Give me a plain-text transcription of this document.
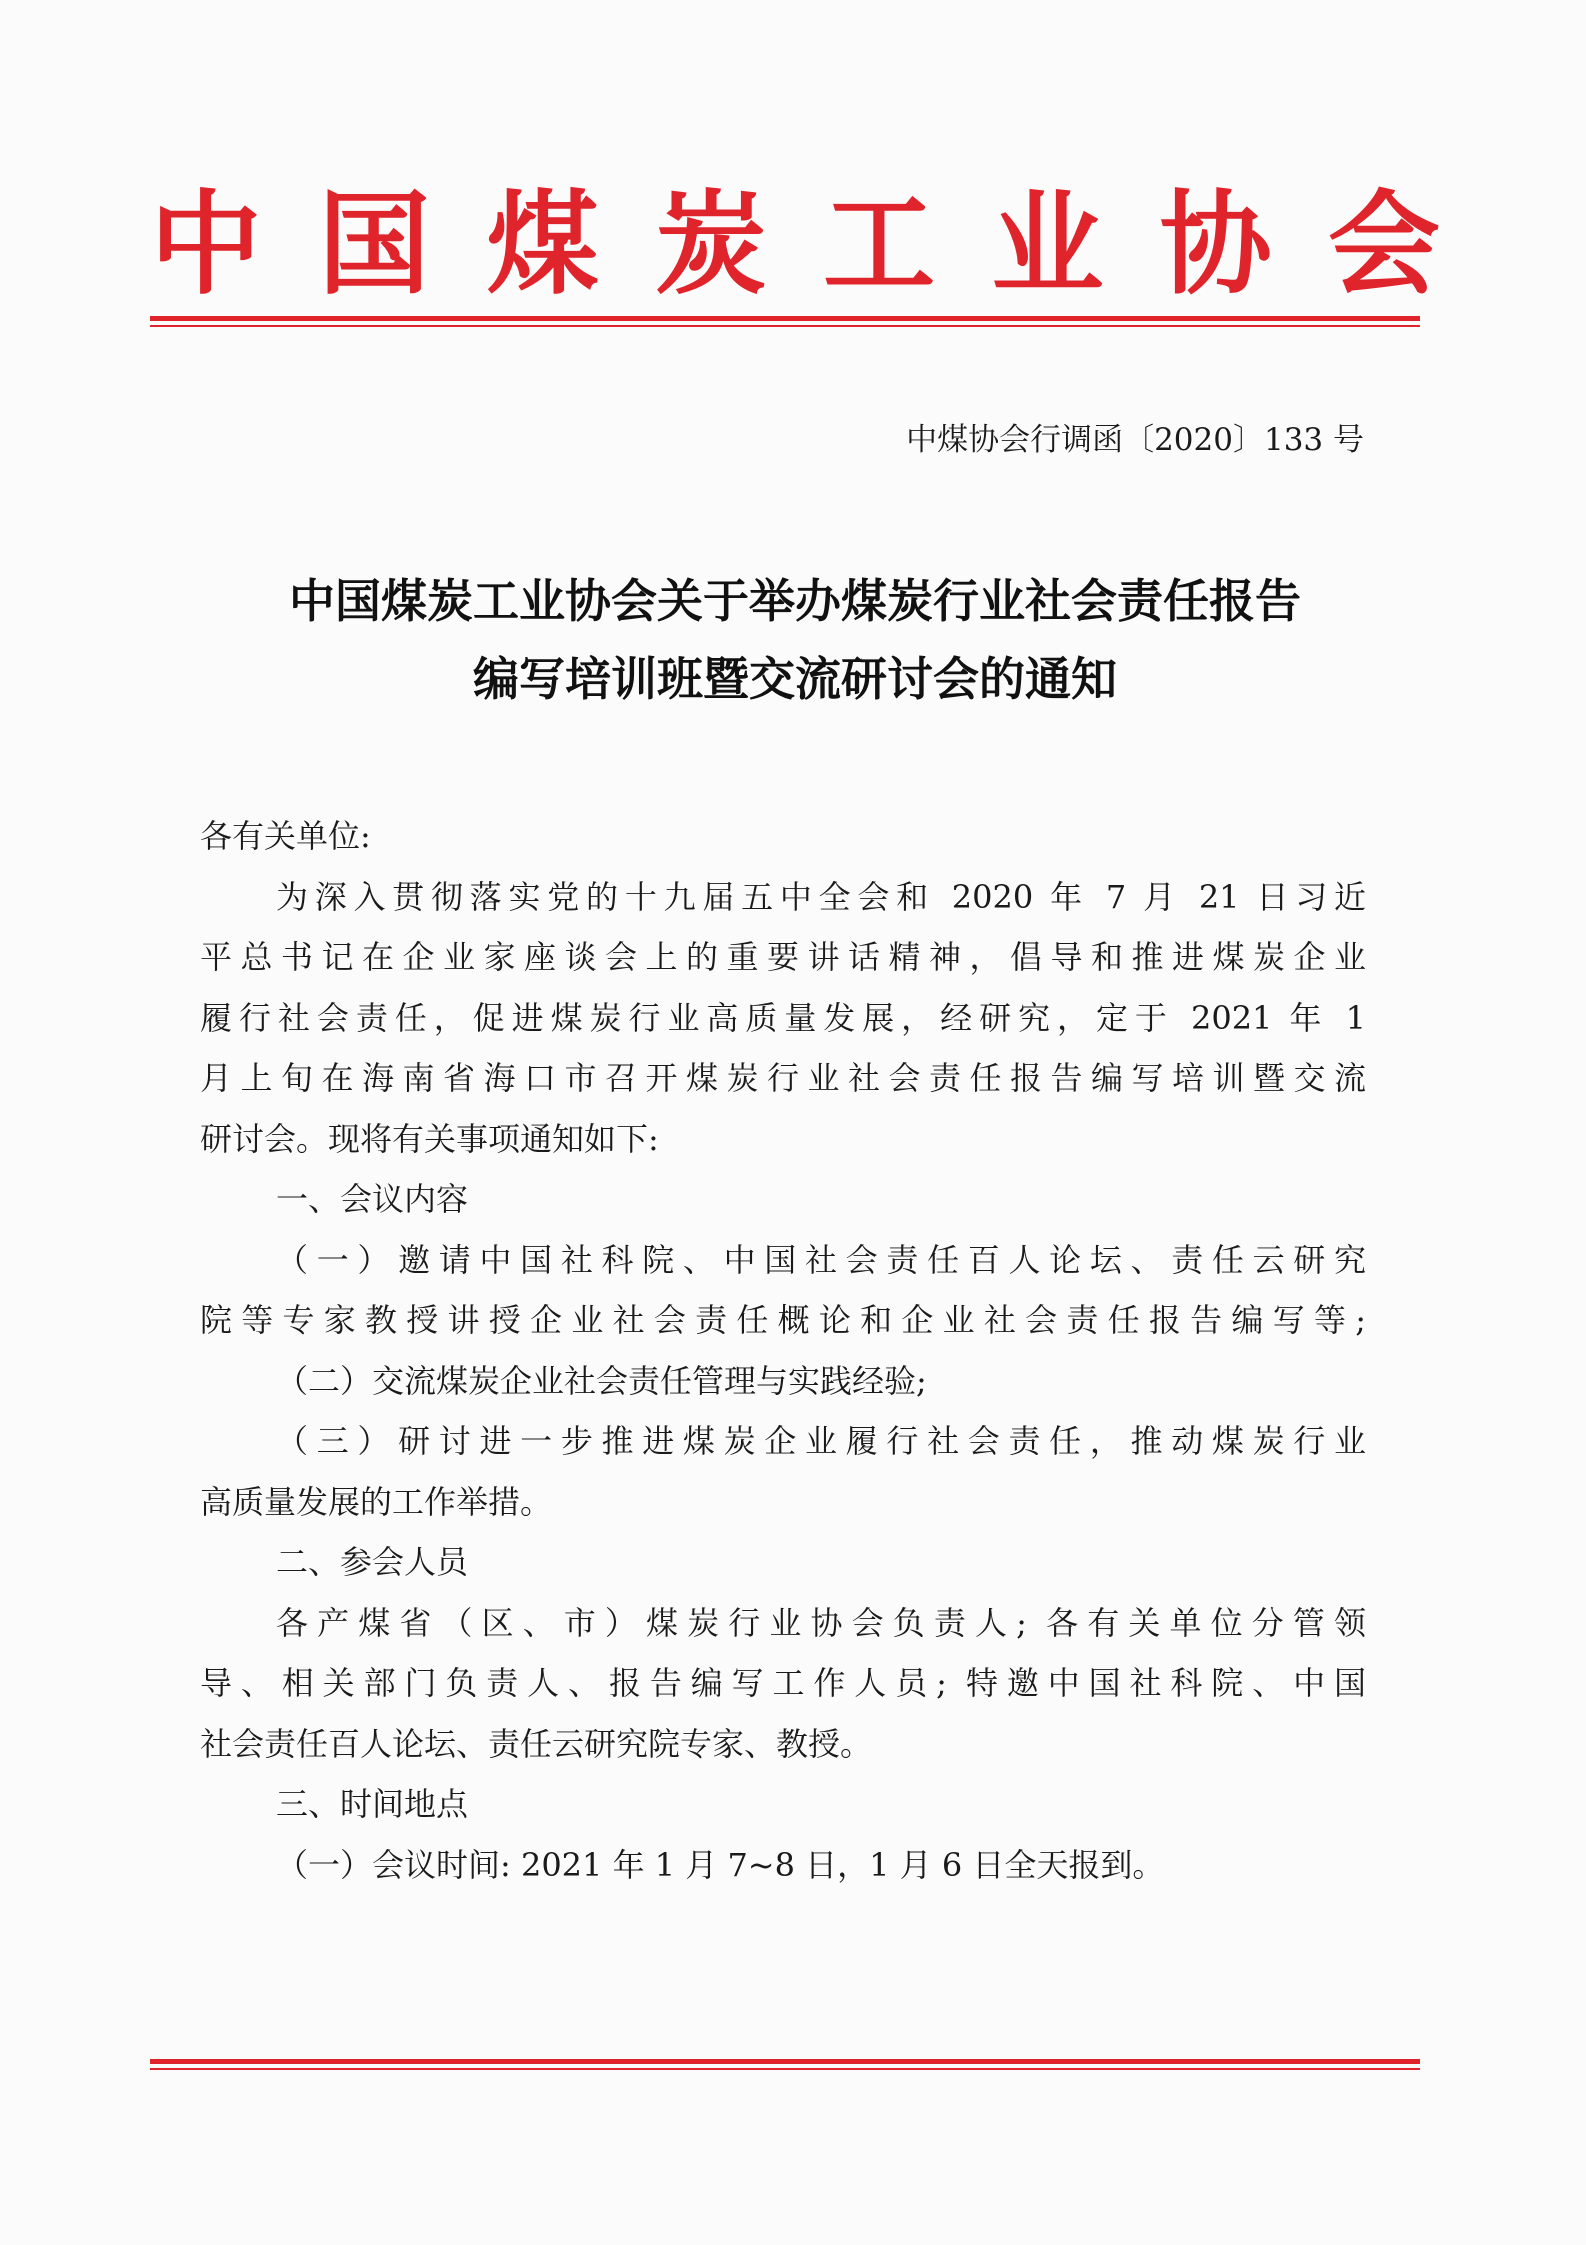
中 国 煤 炭 工 业 协 会
中煤协会行调函〔2020〕133 号
中国煤炭工业协会关于举办煤炭行业社会责任报告
编写培训班暨交流研讨会的通知
各有关单位:
为深入贯彻落实党的十九届五中全会和 2020 年 7 月 21 日习近
平总书记在企业家座谈会上的重要讲话精神，倡导和推进煤炭企业
履行社会责任，促进煤炭行业高质量发展，经研究，定于 2021 年 1
月上旬在海南省海口市召开煤炭行业社会责任报告编写培训暨交流
研讨会。现将有关事项通知如下:
一、会议内容
（一）邀请中国社科院、中国社会责任百人论坛、责任云研究
院等专家教授讲授企业社会责任概论和企业社会责任报告编写等;
（二）交流煤炭企业社会责任管理与实践经验;
（三）研讨进一步推进煤炭企业履行社会责任，推动煤炭行业
高质量发展的工作举措。
二、参会人员
各产煤省（区、市）煤炭行业协会负责人; 各有关单位分管领
导、相关部门负责人、报告编写工作人员; 特邀中国社科院、中国
社会责任百人论坛、责任云研究院专家、教授。
三、时间地点
（一）会议时间: 2021 年 1 月 7~8 日，1 月 6 日全天报到。
